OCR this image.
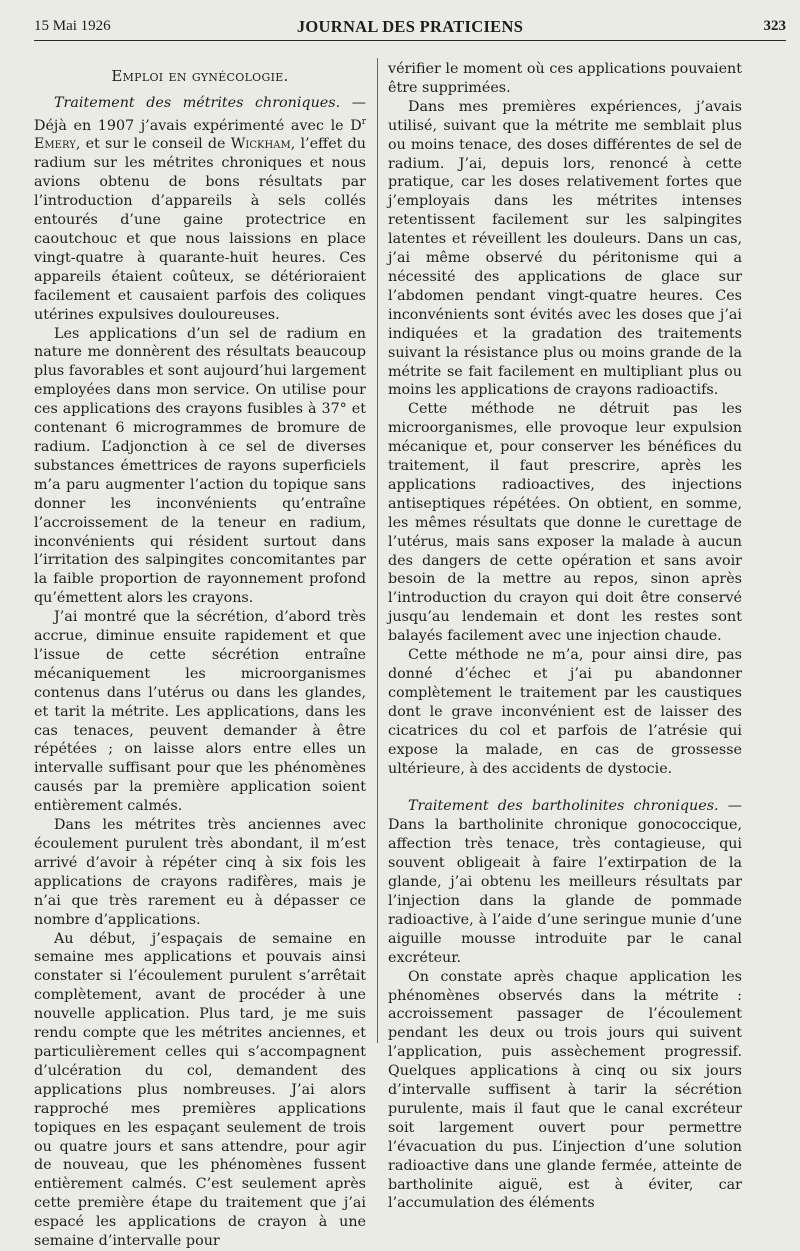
15 Mai 1926	JOURNAL DES PRATICIENS	323
Emploi en gynécologie.

Traitement des métrites chroniques. — Déjà en 1907 j’avais expérimenté avec le $D^r$ Emery, et sur le conseil de Wickham, l’effet du radium sur les métrites chroniques et nous avions obtenu de bons résultats par l’introduction d’appareils à sels collés entourés d’une gaine protectrice en caoutchouc et que nous laissions en place vingt-quatre à quarante-huit heures. Ces appareils étaient coûteux, se détérioraient facilement et causaient parfois des coliques utérines expulsives douloureuses.

Les applications d’un sel de radium en nature me donnèrent des résultats beaucoup plus favorables et sont aujourd’hui largement employées dans mon service. On utilise pour ces applications des crayons fusibles à 37° et contenant 6 microgrammes de bromure de radium. L’adjonction à ce sel de diverses substances émettrices de rayons superficiels m’a paru augmenter l’action du topique sans donner les inconvénients qu’entraîne l’accroissement de la teneur en radium, inconvénients qui résident surtout dans l’irritation des salpingites concomitantes par la faible proportion de rayonnement profond qu’émettent alors les crayons.

J’ai montré que la sécrétion, d’abord très accrue, diminue ensuite rapidement et que l’issue de cette sécrétion entraîne mécaniquement les microorganismes contenus dans l’utérus ou dans les glandes, et tarit la métrite. Les applications, dans les cas tenaces, peuvent demander à être répétées ; on laisse alors entre elles un intervalle suffisant pour que les phénomènes causés par la première application soient entièrement calmés.

Dans les métrites très anciennes avec écoulement purulent très abondant, il m’est arrivé d’avoir à répéter cinq à six fois les applications de crayons radifères, mais je n’ai que très rarement eu à dépasser ce nombre d’applications.

Au début, j’espaçais de semaine en semaine mes applications et pouvais ainsi constater si l’écoulement purulent s’arrêtait complètement, avant de procéder à une nouvelle application. Plus tard, je me suis rendu compte que les métrites anciennes, et particulièrement celles qui s’accompagnent d’ulcération du col, demandent des applications plus nombreuses. J’ai alors rapproché mes premières applications topiques en les espaçant seulement de trois ou quatre jours et sans attendre, pour agir de nouveau, que les phénomènes fussent entièrement calmés. C’est seulement après cette première étape du traitement que j’ai espacé les applications de crayon à une semaine d’intervalle pour

vérifier le moment où ces applications pouvaient être supprimées.

Dans mes premières expériences, j’avais utilisé, suivant que la métrite me semblait plus ou moins tenace, des doses différentes de sel de radium. J’ai, depuis lors, renoncé à cette pratique, car les doses relativement fortes que j’employais dans les métrites intenses retentissent facilement sur les salpingites latentes et réveillent les douleurs. Dans un cas, j’ai même observé du péritonisme qui a nécessité des applications de glace sur l’abdomen pendant vingt-quatre heures. Ces inconvénients sont évités avec les doses que j’ai indiquées et la gradation des traitements suivant la résistance plus ou moins grande de la métrite se fait facilement en multipliant plus ou moins les applications de crayons radioactifs.

Cette méthode ne détruit pas les microorganismes, elle provoque leur expulsion mécanique et, pour conserver les bénéfices du traitement, il faut prescrire, après les applications radioactives, des injections antiseptiques répétées. On obtient, en somme, les mêmes résultats que donne le curettage de l’utérus, mais sans exposer la malade à aucun des dangers de cette opération et sans avoir besoin de la mettre au repos, sinon après l’introduction du crayon qui doit être conservé jusqu’au lendemain et dont les restes sont balayés facilement avec une injection chaude.

Cette méthode ne m’a, pour ainsi dire, pas donné d’échec et j’ai pu abandonner complètement le traitement par les caustiques dont le grave inconvénient est de laisser des cicatrices du col et parfois de l’atrésie qui expose la malade, en cas de grossesse ultérieure, à des accidents de dystocie.

Traitement des bartholinites chroniques. — Dans la bartholinite chronique gonococcique, affection très tenace, très contagieuse, qui souvent obligeait à faire l’extirpation de la glande, j’ai obtenu les meilleurs résultats par l’injection dans la glande de pommade radioactive, à l’aide d’une seringue munie d’une aiguille mousse introduite par le canal excréteur.

On constate après chaque application les phénomènes observés dans la métrite : accroissement passager de l’écoulement pendant les deux ou trois jours qui suivent l’application, puis assèchement progressif. Quelques applications à cinq ou six jours d’intervalle suffisent à tarir la sécrétion purulente, mais il faut que le canal excréteur soit largement ouvert pour permettre l’évacuation du pus. L’injection d’une solution radioactive dans une glande fermée, atteinte de bartholinite aiguë, est à éviter, car l’accumulation des éléments
